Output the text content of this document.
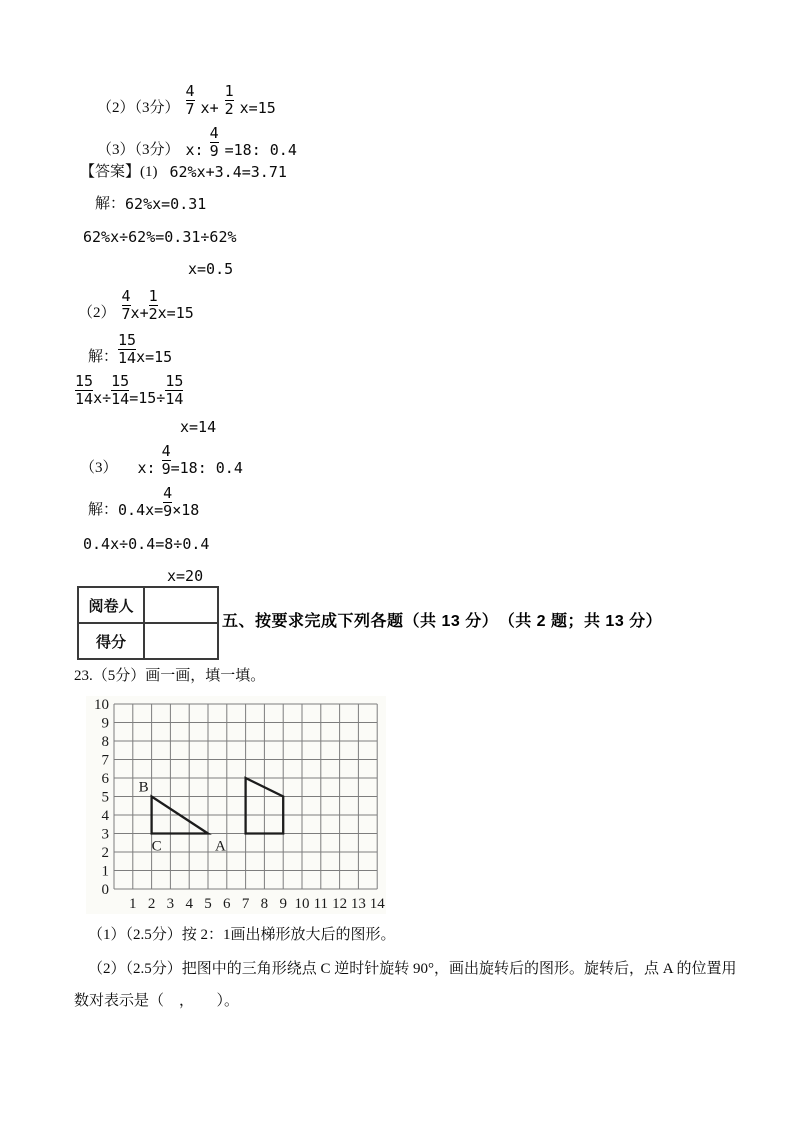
（2）（3分） $\frac{4}{7} x+ \frac{1}{2} x=15$
（3）（3分） x: $\frac{4}{9} =18$: 0.4
【答案】(1) 62%x+3.4=3.71
解： 62%x=0.31
62%x÷62%=0.31÷62%
x=0.5
$(2) \frac{4}{7} x+ \frac{1}{2} x=15$
解： $\frac{15}{14} x=15$
$\frac{15}{14} x\div \frac{15}{14} =15\div \frac{15}{14}$
x=14
（3） x: $\frac{4}{9} =18$: 0.4
解： $0.4x= \frac{4}{9} \times 18$
0.4x÷0.4=8÷0.4
x=20
阅卷人	
得分	
五、按要求完成下列各题（共 13 分）　（共 2 题；共 13 分）
23.（5分）画一画，填一填。
1 2 3 4 5 6 7 8 9 10 11 12 13 14
0
1
2
3
4
5
6
7
8
9
10
B
C	A
（1）（2.5分）按 2：1画出梯形放大后的图形。
（2）（2.5分）把图中的三角形绕点 C 逆时针旋转 90°，画出旋转后的图形。旋转后，点 A 的位置用
数对表示是（　，　　）。
